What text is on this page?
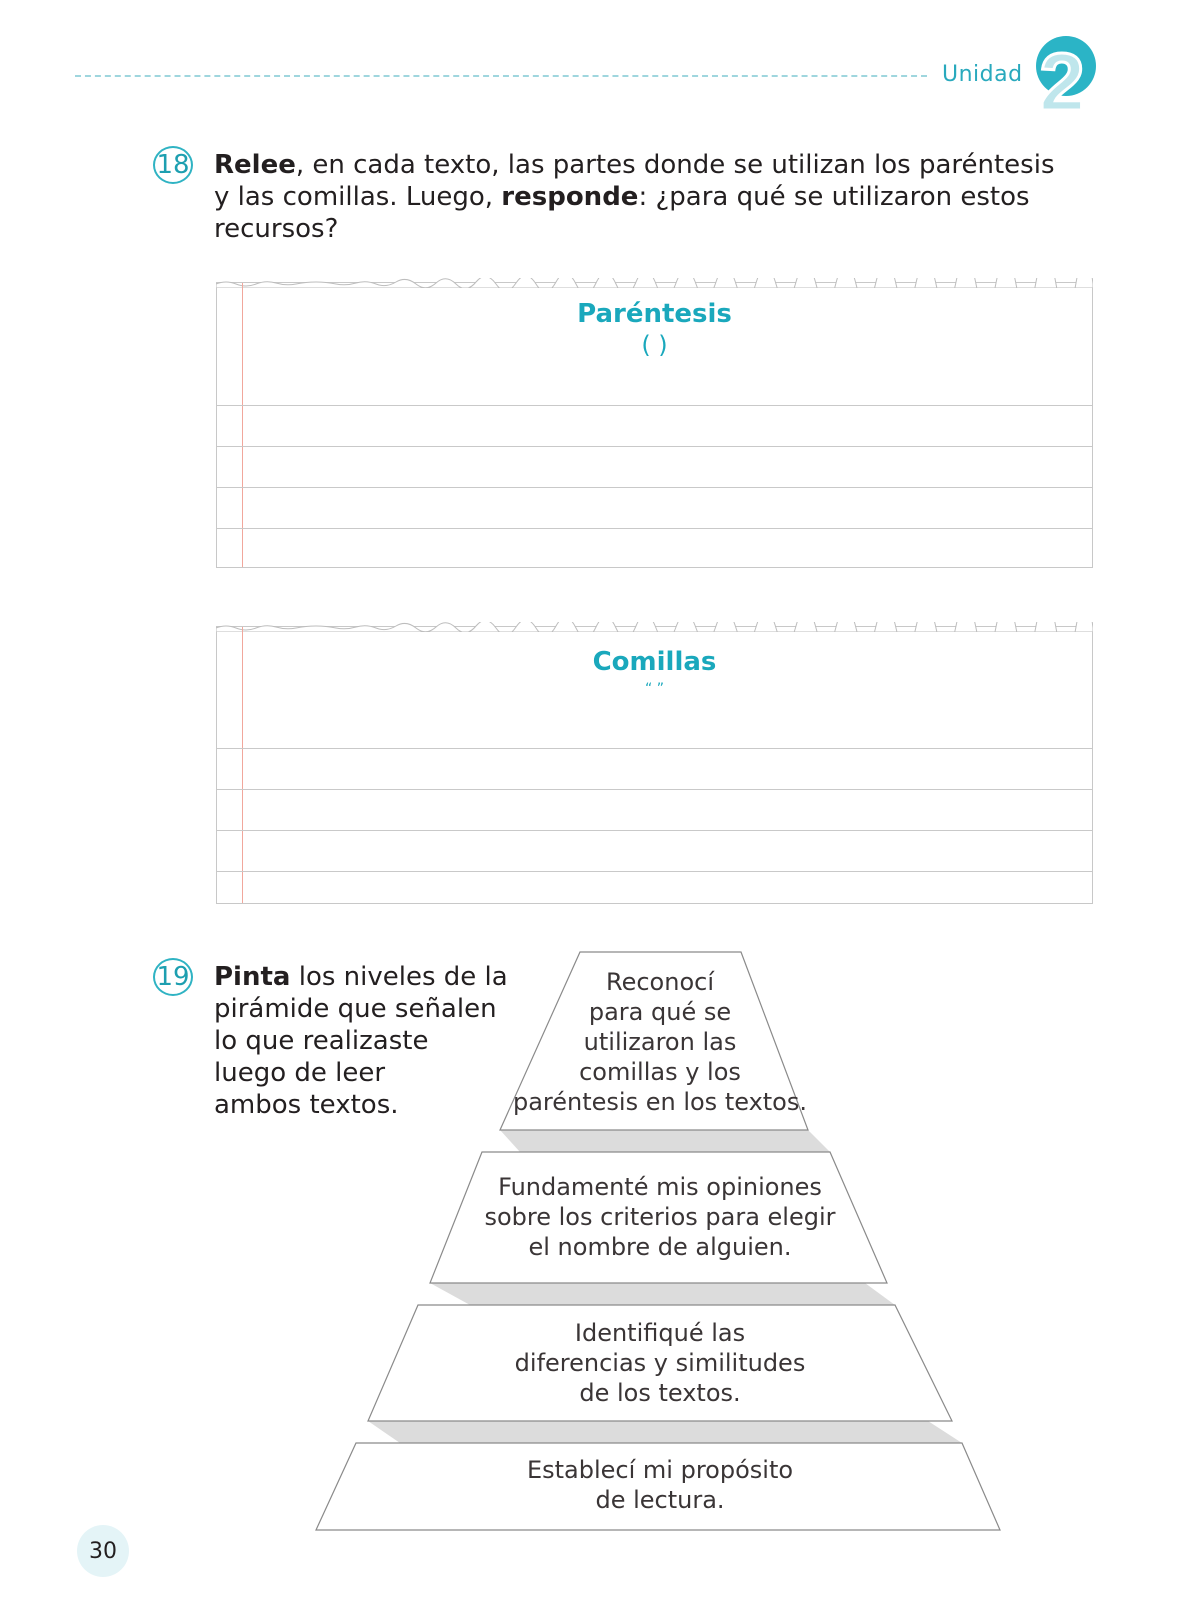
Unidad 2
18 Relee, en cada texto, las partes donde se utilizan los paréntesis
y las comillas. Luego, responde: ¿para qué se utilizaron estos
recursos?
Paréntesis
( )
Comillas
“ ”
19 Pinta los niveles de la
pirámide que señalen
lo que realizaste
luego de leer
ambos textos.
Reconocí
para qué se
utilizaron las
comillas y los
paréntesis en los textos.
Fundamenté mis opiniones
sobre los criterios para elegir
el nombre de alguien.
Identifiqué las
diferencias y similitudes
de los textos.
Establecí mi propósito
de lectura.
30
